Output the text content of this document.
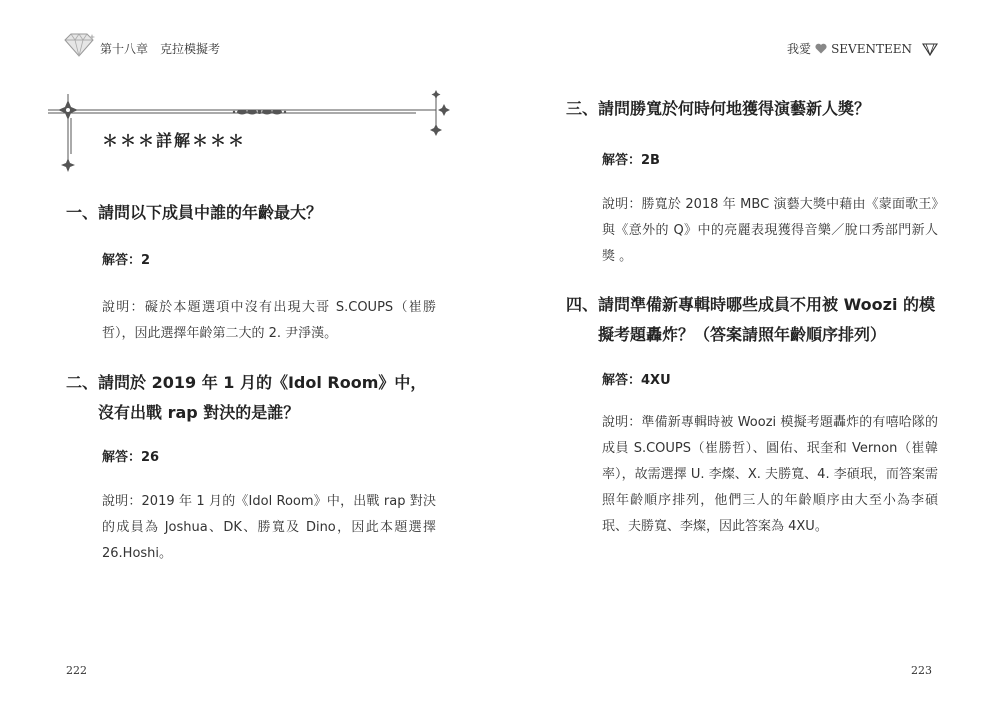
第十八章　克拉模擬考
＊＊＊詳解＊＊＊
一、 請問以下成員中誰的年齡最大？
解答：2
說明：礙於本題選項中沒有出現大哥 S.COUPS（崔勝哲），因此選擇年齡第二大的 2. 尹淨漢。
二、 請問於 2019 年 1 月的《Idol Room》中，沒有出戰 rap 對決的是誰？
解答：26
說明：2019 年 1 月的《Idol Room》中，出戰 rap 對決的成員為 Joshua、DK、勝寬及 Dino，因此本題選擇 26.Hoshi。
222
我愛 SEVENTEEN
三、 請問勝寬於何時何地獲得演藝新人獎？
解答：2B
說明：勝寬於 2018 年 MBC 演藝大獎中藉由《蒙面歌王》與《意外的 Q》中的亮麗表現獲得音樂／脫口秀部門新人獎 。
四、 請問準備新專輯時哪些成員不用被 Woozi 的模擬考題轟炸？（答案請照年齡順序排列）
解答：4XU
說明：準備新專輯時被 Woozi 模擬考題轟炸的有嘻哈隊的成員 S.COUPS（崔勝哲）、圓佑、珉奎和 Vernon（崔韓率），故需選擇 U. 李燦、X. 夫勝寬、4. 李碩珉，而答案需照年齡順序排列，他們三人的年齡順序由大至小為李碩珉、夫勝寬、李燦，因此答案為 4XU。
223
